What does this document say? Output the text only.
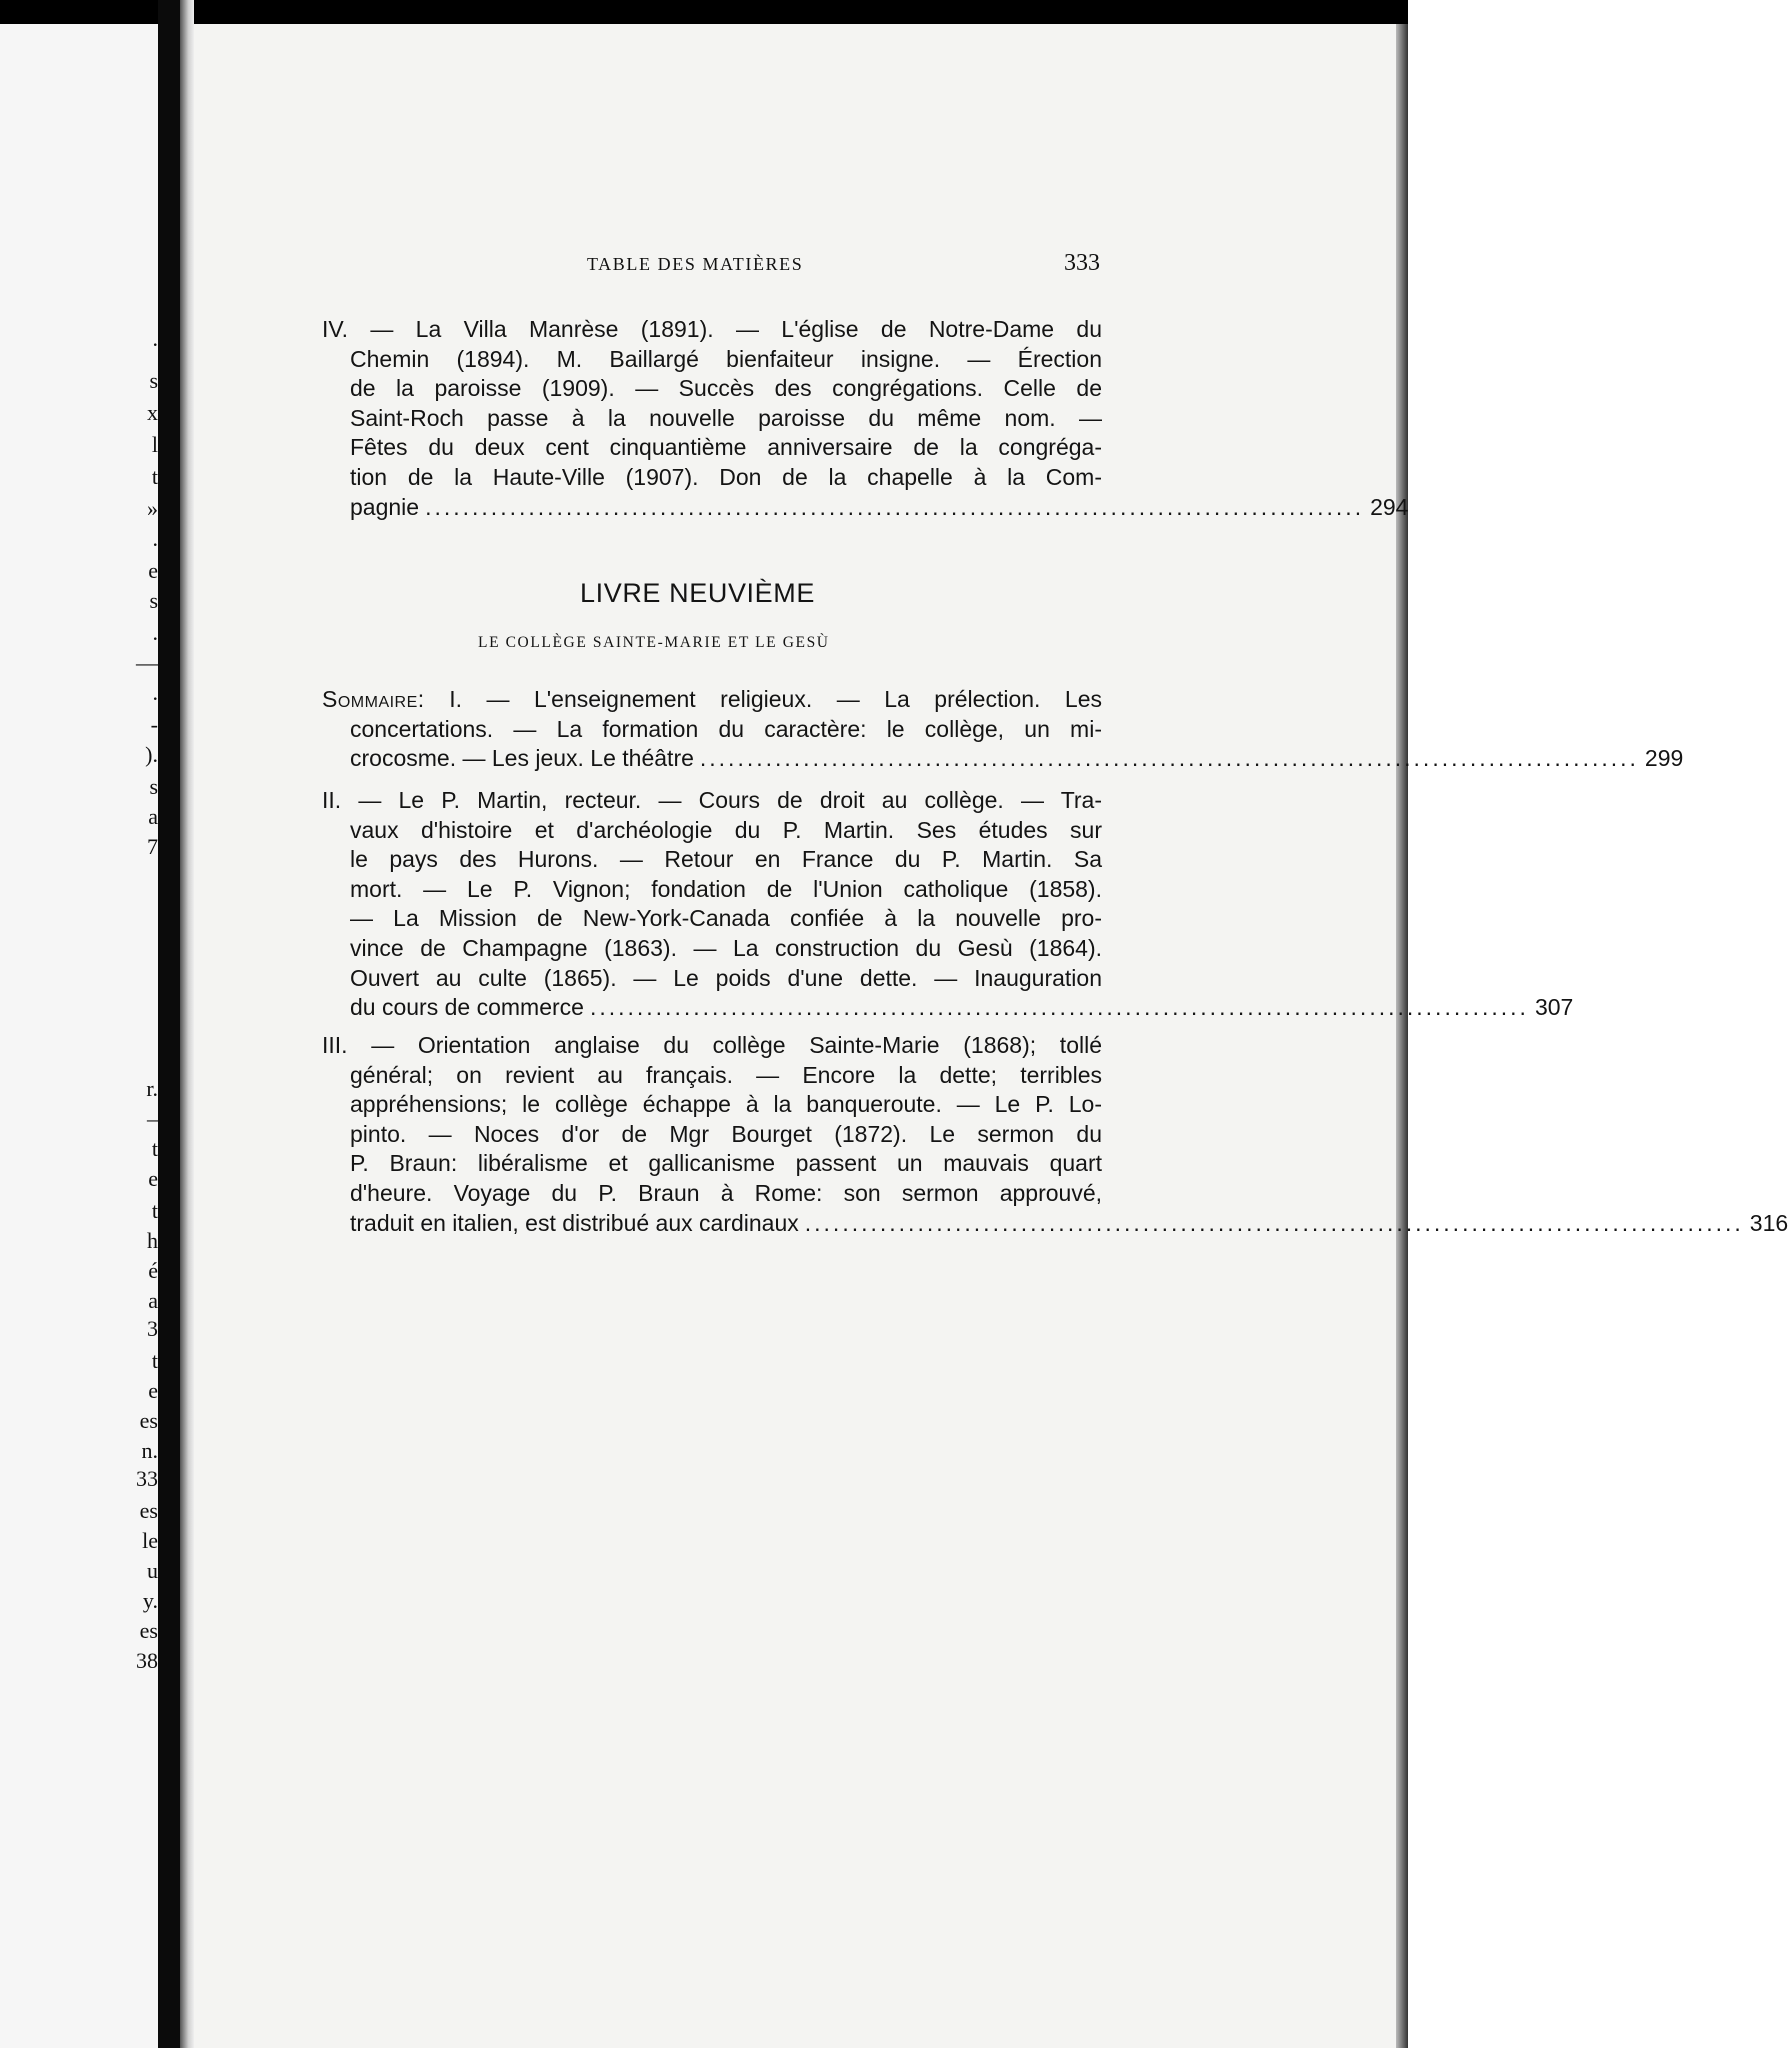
.
s
x
l
t
»
.
e
s
.
—
.
-
).
s
a
7
r.
–
t
e
t
h
é
a
3
t
e
es
n.
33
es
le
u
y.
es
38
TABLE DES MATIÈRES	333
IV. — La Villa Manrèse (1891). — L'église de Notre-Dame du
Chemin (1894). M. Baillargé bienfaiteur insigne. — Érection
de la paroisse (1909). — Succès des congrégations. Celle de
Saint-Roch passe à la nouvelle paroisse du même nom. —
Fêtes du deux cent cinquantième anniversaire de la congréga-
tion de la Haute-Ville (1907). Don de la chapelle à la Com-
pagnie .................................................................................................... 294
LIVRE NEUVIÈME
LE COLLÈGE SAINTE-MARIE ET LE GESÙ
Sommaire: I. — L'enseignement religieux. — La prélection. Les
concertations. — La formation du caractère: le collège, un mi-
crocosme. — Les jeux. Le théâtre .................................................................................................... 299
II. — Le P. Martin, recteur. — Cours de droit au collège. — Tra-
vaux d'histoire et d'archéologie du P. Martin. Ses études sur
le pays des Hurons. — Retour en France du P. Martin. Sa
mort. — Le P. Vignon; fondation de l'Union catholique (1858).
— La Mission de New-York-Canada confiée à la nouvelle pro-
vince de Champagne (1863). — La construction du Gesù (1864).
Ouvert au culte (1865). — Le poids d'une dette. — Inauguration
du cours de commerce .................................................................................................... 307
III. — Orientation anglaise du collège Sainte-Marie (1868); tollé
général; on revient au français. — Encore la dette; terribles
appréhensions; le collège échappe à la banqueroute. — Le P. Lo-
pinto. — Noces d'or de Mgr Bourget (1872). Le sermon du
P. Braun: libéralisme et gallicanisme passent un mauvais quart
d'heure. Voyage du P. Braun à Rome: son sermon approuvé,
traduit en italien, est distribué aux cardinaux .................................................................................................... 316
